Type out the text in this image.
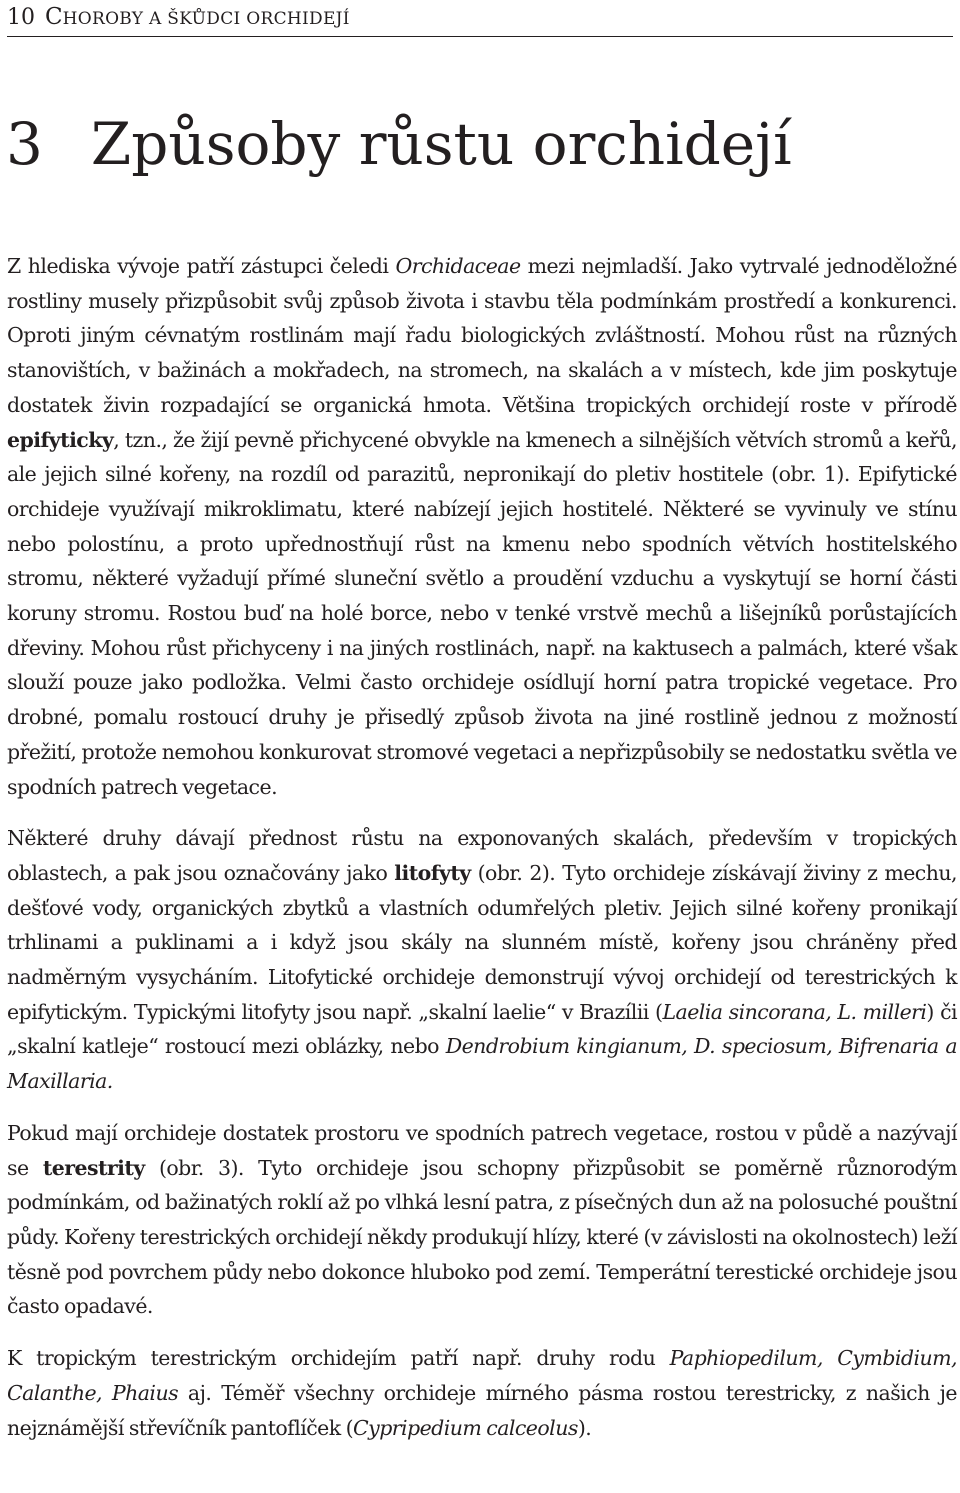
10 CHOROBY A ŠKŮDCI ORCHIDEJÍ
3 Způsoby růstu orchidejí

Z hlediska vývoje patří zástupci čeledi Orchidaceae mezi nejmladší. Jako vytrvalé jednoděložné rostliny musely přizpůsobit svůj způsob života i stavbu těla podmínkám prostředí a konkurenci. Oproti jiným cévnatým rostlinám mají řadu biologických zvláštností. Mohou růst na různých stanovištích, v bažinách a mokřadech, na stromech, na skalách a v místech, kde jim poskytuje dostatek živin rozpadající se organická hmota. Většina tropických orchidejí roste v přírodě epifyticky, tzn., že žijí pevně přichycené obvykle na kmenech a silnějších větvích stromů a keřů, ale jejich silné kořeny, na rozdíl od parazitů, nepronikají do pletiv hostitele (obr. 1). Epifytické orchideje využívají mikroklimatu, které nabízejí jejich hostitelé. Některé se vyvinuly ve stínu nebo polostínu, a proto upřednostňují růst na kmenu nebo spodních větvích hostitelského stromu, některé vyžadují přímé sluneční světlo a proudění vzduchu a vyskytují se horní části koruny stromu. Rostou buď na holé borce, nebo v tenké vrstvě mechů a lišejníků porůstajících dřeviny. Mohou růst přichyceny i na jiných rostlinách, např. na kaktusech a palmách, které však slouží pouze jako podložka. Velmi často orchideje osídlují horní patra tropické vegetace. Pro drobné, pomalu rostoucí druhy je přisedlý způsob života na jiné rostlině jednou z možností přežití, protože nemohou konkurovat stromové vegetaci a nepřizpůsobily se nedostatku světla ve spodních patrech vegetace.

Některé druhy dávají přednost růstu na exponovaných skalách, především v tropických oblastech, a pak jsou označovány jako litofyty (obr. 2). Tyto orchideje získávají živiny z mechu, dešťové vody, organických zbytků a vlastních odumřelých pletiv. Jejich silné kořeny pronikají trhlinami a puklinami a i když jsou skály na slunném místě, kořeny jsou chráněny před nadměrným vysycháním. Litofytické orchideje demonstrují vývoj orchidejí od terestrických k epifytickým. Typickými litofyty jsou např. „skalní laelie“ v Brazílii (Laelia sincorana, L. milleri) či „skalní katleje“ rostoucí mezi oblázky, nebo Dendrobium kingianum, D. speciosum, Bifrenaria a Maxillaria.

Pokud mají orchideje dostatek prostoru ve spodních patrech vegetace, rostou v půdě a nazývají se terestrity (obr. 3). Tyto orchideje jsou schopny přizpůsobit se poměrně různorodým podmínkám, od bažinatých roklí až po vlhká lesní patra, z písečných dun až na polosuché pouštní půdy. Kořeny terestrických orchidejí někdy produkují hlízy, které (v závislosti na okolnostech) leží těsně pod povrchem půdy nebo dokonce hluboko pod zemí. Temperátní terestické orchideje jsou často opadavé.

K tropickým terestrickým orchidejím patří např. druhy rodu Paphiopedilum, Cymbidium, Calanthe, Phaius aj. Téměř všechny orchideje mírného pásma rostou terestricky, z našich je nejznámější střevíčník pantoflíček (Cypripedium calceolus).
